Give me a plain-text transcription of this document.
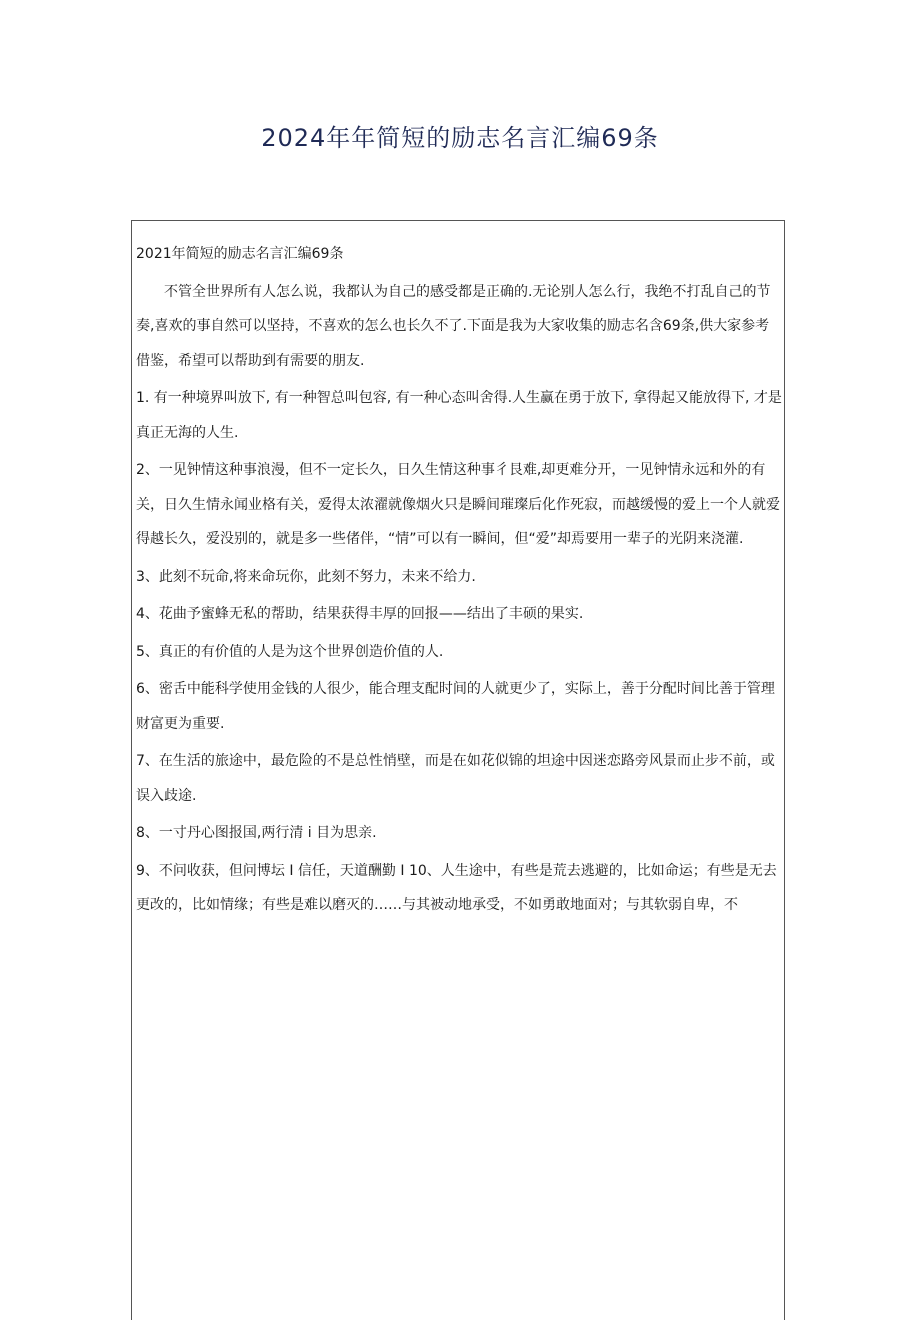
2024年年简短的励志名言汇编69条

2021年简短的励志名言汇编69条

不管全世界所有人怎么说，我都认为自己的感受都是正确的.无论别人怎么行，我绝不打乱自己的节奏,喜欢的事自然可以坚持，不喜欢的怎么也长久不了.下面是我为大家收集的励志名含69条,供大家参考借鉴，希望可以帮助到有需要的朋友.

1. 有一种境界叫放下, 有一种智总叫包容, 有一种心态叫舍得.人生赢在勇于放下, 拿得起又能放得下, 才是真正无海的人生.

2、一见钟情这种事浪漫，但不一定长久，日久生情这种事彳艮难,却更难分开，一见钟情永远和外的有关，日久生情永闻业格有关，爱得太浓濯就像烟火只是瞬间璀璨后化作死寂，而越缓慢的爱上一个人就爱得越长久，爱没别的，就是多一些偖伴，“情”可以有一瞬间，但“爱”却焉要用一辈子的光阴来浇灌.

3、此刻不玩命,将来命玩你，此刻不努力，未来不给力.

4、花曲予蜜蜂无私的帮助，结果获得丰厚的回报——结出了丰硕的果实.

5、真正的有价值的人是为这个世界创造价值的人.

6、密舌中能科学使用金钱的人很少，能合理支配时间的人就更少了，实际上，善于分配时间比善于管理财富更为重要.

7、在生活的旅途中，最危险的不是总性悄壁，而是在如花似锦的坦途中因迷恋路旁风景而止步不前，或误入歧途.

8、一寸丹心图报国,两行清 i 目为思亲.

9、不问收获，但问博坛 I 信任，天道酬勤 I 10、人生途中，有些是荒去逃避的，比如命运；有些是无去更改的，比如情缘；有些是难以磨灭的……与其被动地承受，不如勇敢地面对；与其软弱自卑，不
